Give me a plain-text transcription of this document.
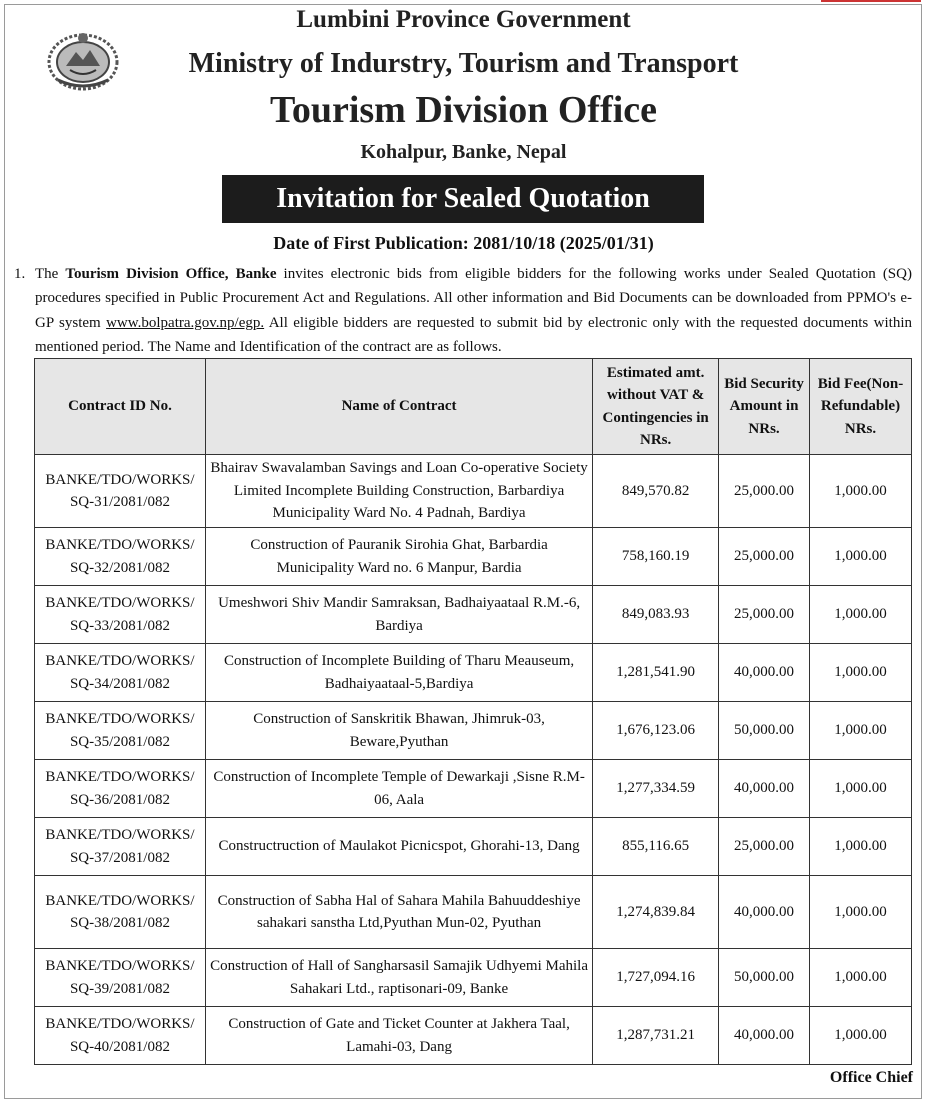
Lumbini Province Government
Ministry of Indurstry, Tourism and Transport
Tourism Division Office
Kohalpur, Banke, Nepal
Invitation for Sealed Quotation
Date of First Publication: 2081/10/18 (2025/01/31)
1. The Tourism Division Office, Banke invites electronic bids from eligible bidders for the following works under Sealed Quotation (SQ) procedures specified in Public Procurement Act and Regulations. All other information and Bid Documents can be downloaded from PPMO's e-GP system www.bolpatra.gov.np/egp. All eligible bidders are requested to submit bid by electronic only with the requested documents within mentioned period. The Name and Identification of the contract are as follows.
Contract ID No.	Name of Contract	Estimated amt. without VAT & Contingencies in NRs.	Bid Security Amount in NRs.	Bid Fee(Non-Refundable) NRs.
BANKE/TDO/WORKS/ SQ-31/2081/082	Bhairav Swavalamban Savings and Loan Co-operative Society Limited Incomplete Building Construction, Barbardiya Municipality Ward No. 4 Padnah, Bardiya	849,570.82	25,000.00	1,000.00
BANKE/TDO/WORKS/ SQ-32/2081/082	Construction of Pauranik Sirohia Ghat, Barbardia Municipality Ward no. 6 Manpur, Bardia	758,160.19	25,000.00	1,000.00
BANKE/TDO/WORKS/ SQ-33/2081/082	Umeshwori Shiv Mandir Samraksan, Badhaiyaataal R.M.-6, Bardiya	849,083.93	25,000.00	1,000.00
BANKE/TDO/WORKS/ SQ-34/2081/082	Construction of Incomplete Building of Tharu Meauseum, Badhaiyaataal-5,Bardiya	1,281,541.90	40,000.00	1,000.00
BANKE/TDO/WORKS/ SQ-35/2081/082	Construction of Sanskritik Bhawan, Jhimruk-03, Beware,Pyuthan	1,676,123.06	50,000.00	1,000.00
BANKE/TDO/WORKS/ SQ-36/2081/082	Construction of Incomplete Temple of Dewarkaji ,Sisne R.M-06, Aala	1,277,334.59	40,000.00	1,000.00
BANKE/TDO/WORKS/ SQ-37/2081/082	Constructruction of Maulakot Picnicspot, Ghorahi-13, Dang	855,116.65	25,000.00	1,000.00
BANKE/TDO/WORKS/ SQ-38/2081/082	Construction of Sabha Hal of Sahara Mahila Bahuuddeshiye sahakari sanstha Ltd,Pyuthan Mun-02, Pyuthan	1,274,839.84	40,000.00	1,000.00
BANKE/TDO/WORKS/ SQ-39/2081/082	Construction of Hall of Sangharsasil Samajik Udhyemi Mahila Sahakari Ltd., raptisonari-09, Banke	1,727,094.16	50,000.00	1,000.00
BANKE/TDO/WORKS/ SQ-40/2081/082	Construction of Gate and Ticket Counter at Jakhera Taal, Lamahi-03, Dang	1,287,731.21	40,000.00	1,000.00
Office Chief
